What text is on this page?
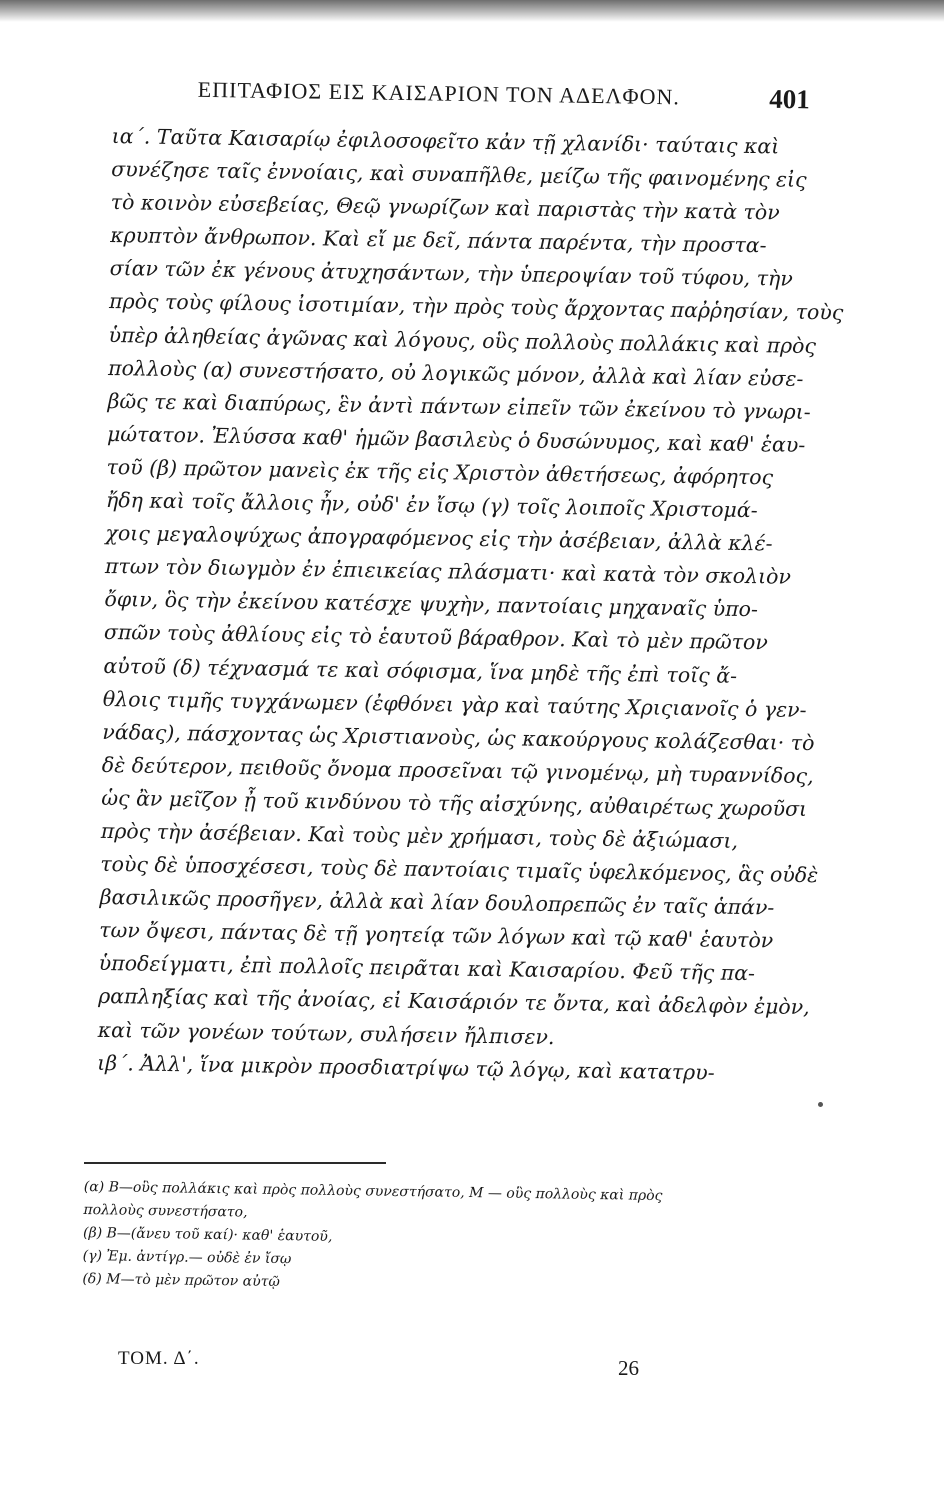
ΕΠΙΤΑΦΙΟΣ ΕΙΣ ΚΑΙΣΑΡΙΟΝ ΤΟΝ ΑΔΕΛΦΟΝ.	401
ια΄. Ταῦτα Καισαρίῳ ἐφιλοσοφεῖτο κἀν τῇ χλανίδι· ταύταις καὶ
συνέζησε ταῖς ἐννοίαις, καὶ συναπῆλθε, μείζω τῆς φαινομένης εἰς
τὸ κοινὸν εὐσεβείας, Θεῷ γνωρίζων καὶ παριστὰς τὴν κατὰ τὸν
κρυπτὸν ἄνθρωπον. Καὶ εἴ με δεῖ, πάντα παρέντα, τὴν προστα-
σίαν τῶν ἐκ γένους ἀτυχησάντων, τὴν ὑπεροψίαν τοῦ τύφου, τὴν
πρὸς τοὺς φίλους ἰσοτιμίαν, τὴν πρὸς τοὺς ἄρχοντας παῤῥησίαν, τοὺς
ὑπὲρ ἀληθείας ἀγῶνας καὶ λόγους, οὓς πολλοὺς πολλάκις καὶ πρὸς
πολλοὺς (α) συνεστήσατο, οὐ λογικῶς μόνον, ἀλλὰ καὶ λίαν εὐσε-
βῶς τε καὶ διαπύρως, ἓν ἀντὶ πάντων εἰπεῖν τῶν ἐκείνου τὸ γνωρι-
μώτατον. Ἐλύσσα καθ' ἡμῶν βασιλεὺς ὁ δυσώνυμος, καὶ καθ' ἑαυ-
τοῦ (β) πρῶτον μανεὶς ἐκ τῆς εἰς Χριστὸν ἀθετήσεως, ἀφόρητος
ἤδη καὶ τοῖς ἄλλοις ἦν, οὐδ' ἐν ἴσῳ (γ) τοῖς λοιποῖς Χριστομά-
χοις μεγαλοψύχως ἀπογραφόμενος εἰς τὴν ἀσέβειαν, ἀλλὰ κλέ-
πτων τὸν διωγμὸν ἐν ἐπιεικείας πλάσματι· καὶ κατὰ τὸν σκολιὸν
ὄφιν, ὃς τὴν ἐκείνου κατέσχε ψυχὴν, παντοίαις μηχαναῖς ὑπο-
σπῶν τοὺς ἀθλίους εἰς τὸ ἑαυτοῦ βάραθρον. Καὶ τὸ μὲν πρῶτον
αὐτοῦ (δ) τέχνασμά τε καὶ σόφισμα, ἵνα μηδὲ τῆς ἐπὶ τοῖς ἄ-
θλοις τιμῆς τυγχάνωμεν (ἐφθόνει γὰρ καὶ ταύτης Χριςιανοῖς ὁ γεν-
νάδας), πάσχοντας ὡς Χριστιανοὺς, ὡς κακούργους κολάζεσθαι· τὸ
δὲ δεύτερον, πειθοῦς ὄνομα προσεῖναι τῷ γινομένῳ, μὴ τυραννίδος,
ὡς ἂν μεῖζον ᾖ τοῦ κινδύνου τὸ τῆς αἰσχύνης, αὐθαιρέτως χωροῦσι
πρὸς τὴν ἀσέβειαν. Καὶ τοὺς μὲν χρήμασι, τοὺς δὲ ἀξιώμασι,
τοὺς δὲ ὑποσχέσεσι, τοὺς δὲ παντοίαις τιμαῖς ὑφελκόμενος, ἃς οὐδὲ
βασιλικῶς προσῆγεν, ἀλλὰ καὶ λίαν δουλοπρεπῶς ἐν ταῖς ἁπάν-
των ὄψεσι, πάντας δὲ τῇ γοητείᾳ τῶν λόγων καὶ τῷ καθ' ἑαυτὸν
ὑποδείγματι, ἐπὶ πολλοῖς πειρᾶται καὶ Καισαρίου. Φεῦ τῆς πα-
ραπληξίας καὶ τῆς ἀνοίας, εἰ Καισάριόν τε ὄντα, καὶ ἀδελφὸν ἐμὸν,
καὶ τῶν γονέων τούτων, συλήσειν ἤλπισεν.
ιβ΄. Ἀλλ', ἵνα μικρὸν προσδιατρίψω τῷ λόγῳ, καὶ κατατρυ-
(α) Β—οὓς πολλάκις καὶ πρὸς πολλοὺς συνεστήσατο, Μ — οὓς πολλοὺς καὶ πρὸς
πολλοὺς συνεστήσατο,
(β) Β—(ἄνευ τοῦ καί)· καθ' ἑαυτοῦ,
(γ) Ἐμ. ἀντίγρ.— οὐδὲ ἐν ἴσῳ
(δ) Μ—τὸ μὲν πρῶτον αὐτῷ
ΤΟΜ. Δ΄.	26
